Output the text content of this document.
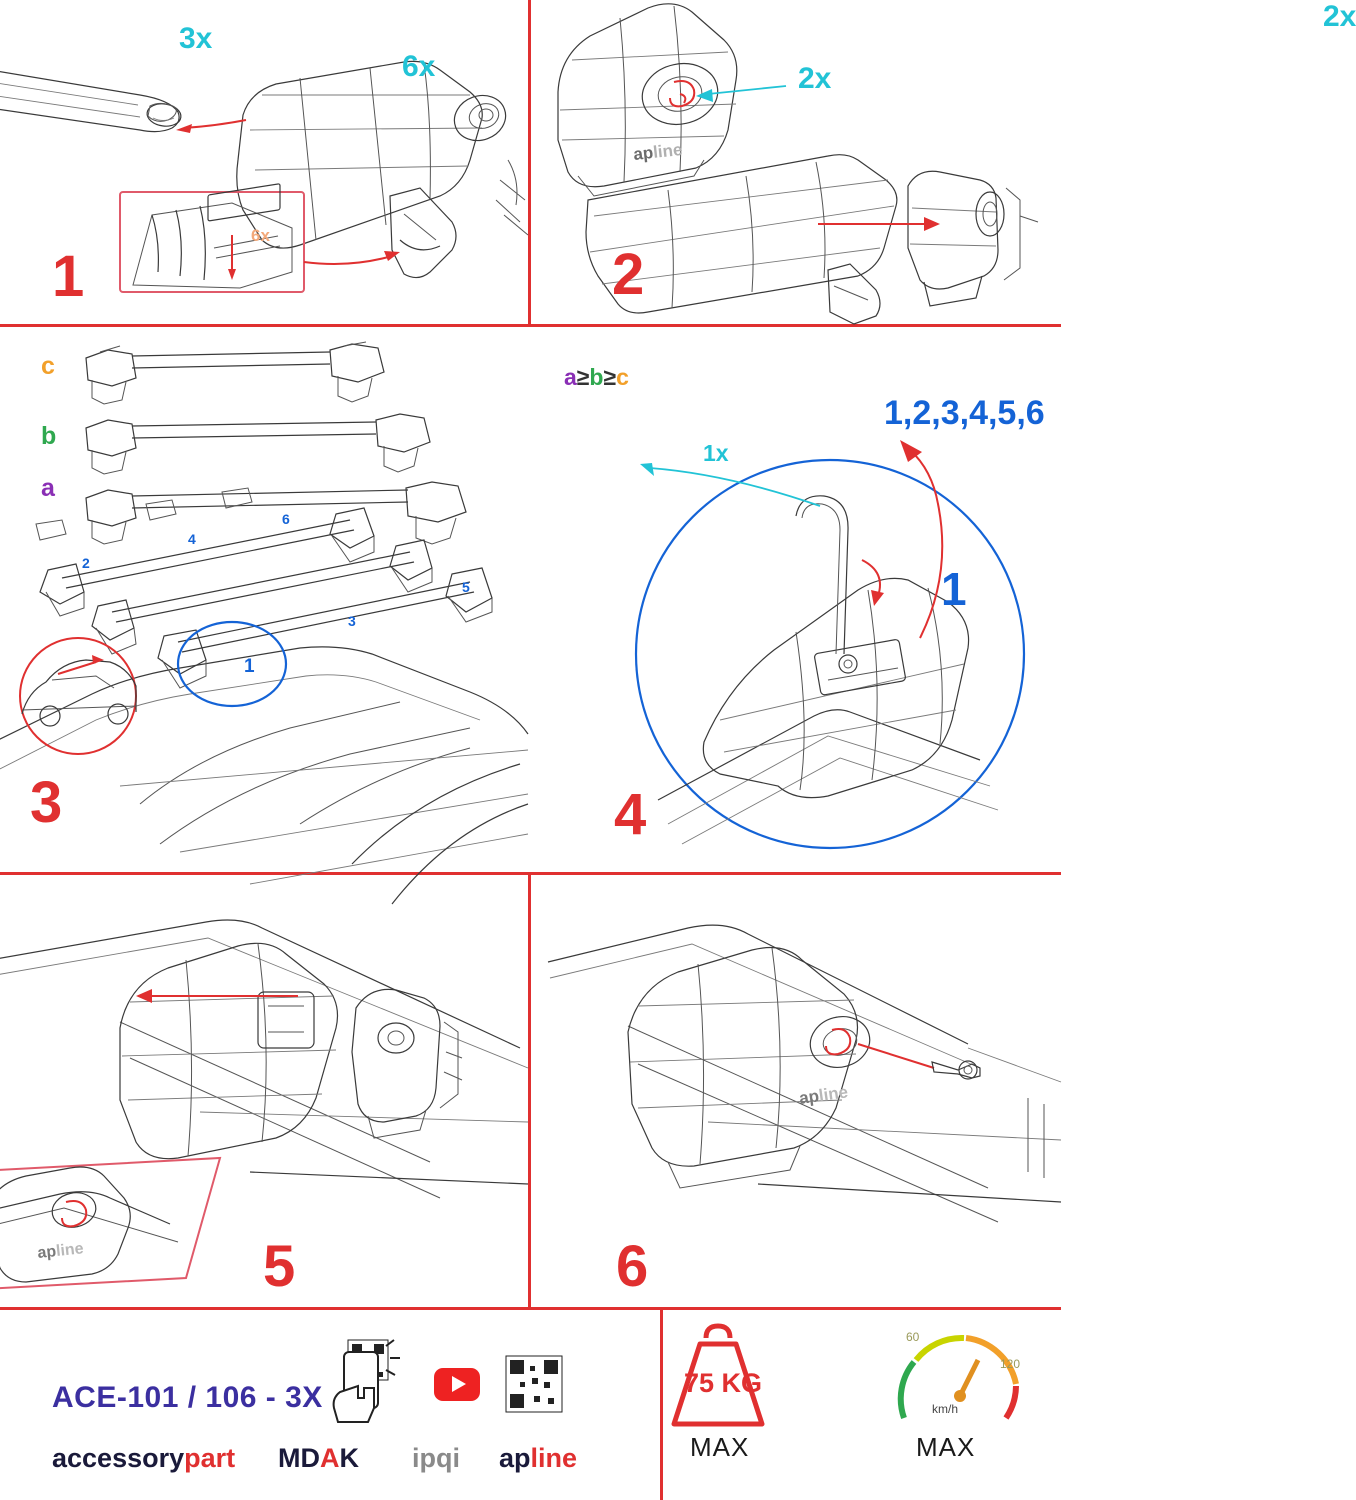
3x
6x
6x
1
apline
2x
2x
2
2
4
6
3
5
1
c
b
a
a≥b≥c
3
1x
1,2,3,4,5,6
1
4
apline	5
apline
6
ACE-101 / 106 - 3X
accessorypart MDAK ipqi apline
75 KG
MAX	MAX
km/h
60
120
